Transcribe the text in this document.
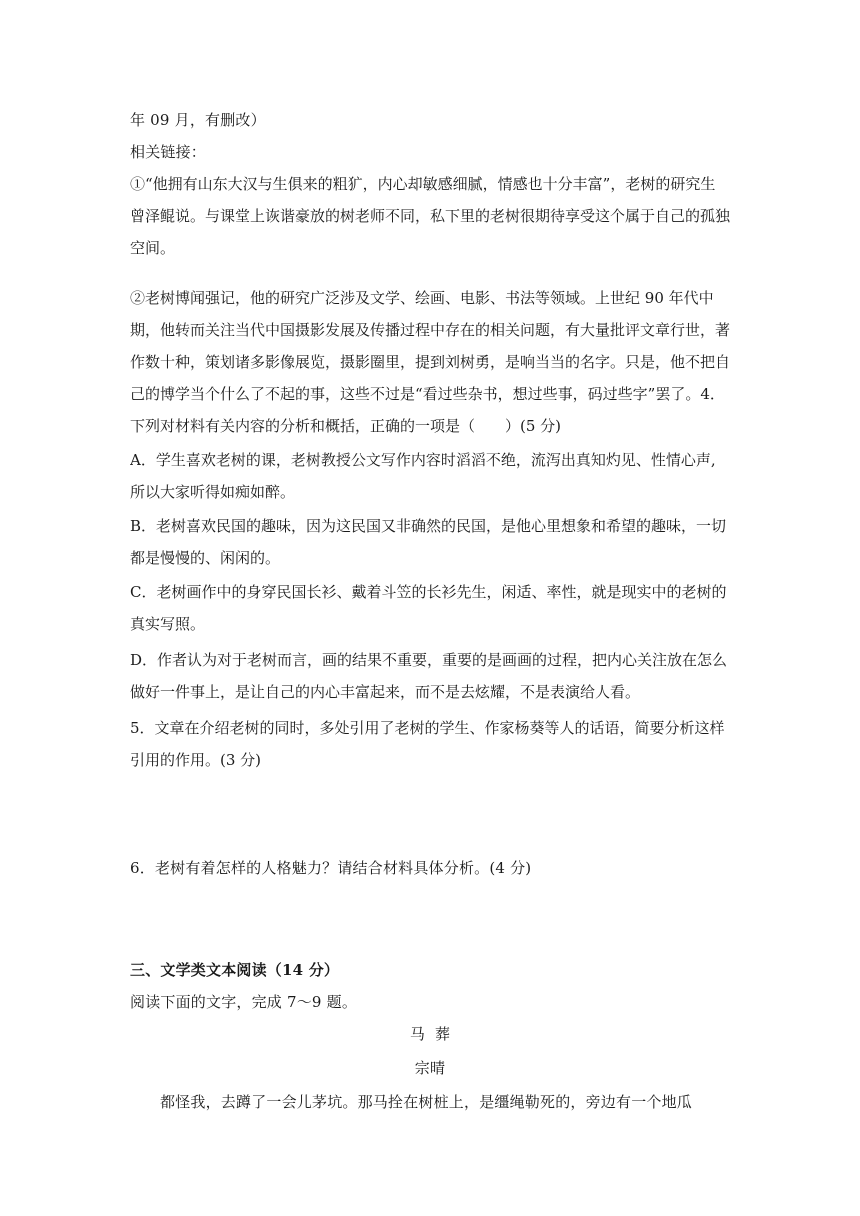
年 09 月，有删改）
相关链接：
①“他拥有山东大汉与生俱来的粗犷，内心却敏感细腻，情感也十分丰富”，老树的研究生曾泽鲲说。与课堂上诙谐豪放的树老师不同，私下里的老树很期待享受这个属于自己的孤独空间。
②老树博闻强记，他的研究广泛涉及文学、绘画、电影、书法等领域。上世纪 90 年代中期，他转而关注当代中国摄影发展及传播过程中存在的相关问题，有大量批评文章行世，著作数十种，策划诸多影像展览，摄影圈里，提到刘树勇，是响当当的名字。只是，他不把自己的博学当个什么了不起的事，这些不过是“看过些杂书，想过些事，码过些字”罢了。4．下列对材料有关内容的分析和概括，正确的一项是（　　）(5 分)
A．学生喜欢老树的课，老树教授公文写作内容时滔滔不绝，流泻出真知灼见、性情心声,所以大家听得如痴如醉。
B．老树喜欢民国的趣味，因为这民国又非确然的民国，是他心里想象和希望的趣味，一切都是慢慢的、闲闲的。
C．老树画作中的身穿民国长衫、戴着斗笠的长衫先生，闲适、率性，就是现实中的老树的真实写照。
D．作者认为对于老树而言，画的结果不重要，重要的是画画的过程，把内心关注放在怎么做好一件事上，是让自己的内心丰富起来，而不是去炫耀，不是表演给人看。
5．文章在介绍老树的同时，多处引用了老树的学生、作家杨葵等人的话语，简要分析这样引用的作用。(3 分)
6．老树有着怎样的人格魅力？请结合材料具体分析。(4 分)
三、文学类文本阅读（14 分）
阅读下面的文字，完成 7～9 题。
马  葬
宗晴
都怪我，去蹲了一会儿茅坑。那马拴在树桩上，是缰绳勒死的，旁边有一个地瓜
